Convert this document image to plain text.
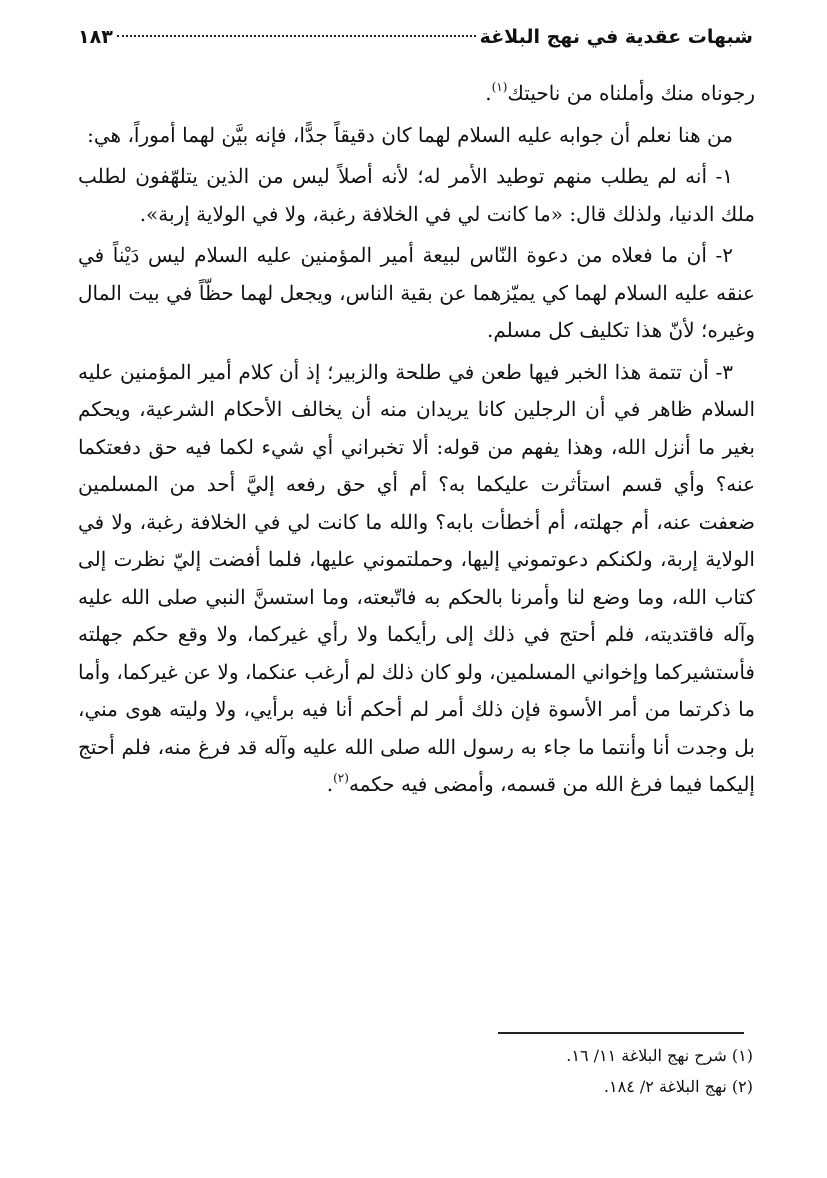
شبهات عقدية في نهج البلاغة
١٨٣

رجوناه منك وأملناه من ناحيتك$^{(١)}$.

من هنا نعلم أن جوابه عليه السلام لهما كان دقيقاً جدًّا، فإنه بيَّن لهما أموراً، هي:

١- أنه لم يطلب منهم توطيد الأمر له؛ لأنه أصلاً ليس من الذين يتلهّفون لطلب ملك الدنيا، ولذلك قال: «ما كانت لي في الخلافة رغبة، ولا في الولاية إربة».

٢- أن ما فعلاه من دعوة النّاس لبيعة أمير المؤمنين عليه السلام ليس دَيْناً في عنقه عليه السلام لهما كي يميّزهما عن بقية الناس، ويجعل لهما حظّاً في بيت المال وغيره؛ لأنّ هذا تكليف كل مسلم.

٣- أن تتمة هذا الخبر فيها طعن في طلحة والزبير؛ إذ أن كلام أمير المؤمنين عليه السلام ظاهر في أن الرجلين كانا يريدان منه أن يخالف الأحكام الشرعية، ويحكم بغير ما أنزل الله، وهذا يفهم من قوله: ألا تخبراني أي شيء لكما فيه حق دفعتكما عنه؟ وأي قسم استأثرت عليكما به؟ أم أي حق رفعه إليَّ أحد من المسلمين ضعفت عنه، أم جهلته، أم أخطأت بابه؟ والله ما كانت لي في الخلافة رغبة، ولا في الولاية إربة، ولكنكم دعوتموني إليها، وحملتموني عليها، فلما أفضت إليّ نظرت إلى كتاب الله، وما وضع لنا وأمرنا بالحكم به فاتّبعته، وما استسنَّ النبي صلى الله عليه وآله فاقتديته، فلم أحتج في ذلك إلى رأيكما ولا رأي غيركما، ولا وقع حكم جهلته فأستشيركما وإخواني المسلمين، ولو كان ذلك لم أرغب عنكما، ولا عن غيركما، وأما ما ذكرتما من أمر الأسوة فإن ذلك أمر لم أحكم أنا فيه برأيي، ولا وليته هوى مني، بل وجدت أنا وأنتما ما جاء به رسول الله صلى الله عليه وآله قد فرغ منه، فلم أحتج إليكما فيما فرغ الله من قسمه، وأمضى فيه حكمه$^{(٢)}$.

(١) شرح نهج البلاغة ١١/ ١٦.
(٢) نهج البلاغة ٢/ ١٨٤.
